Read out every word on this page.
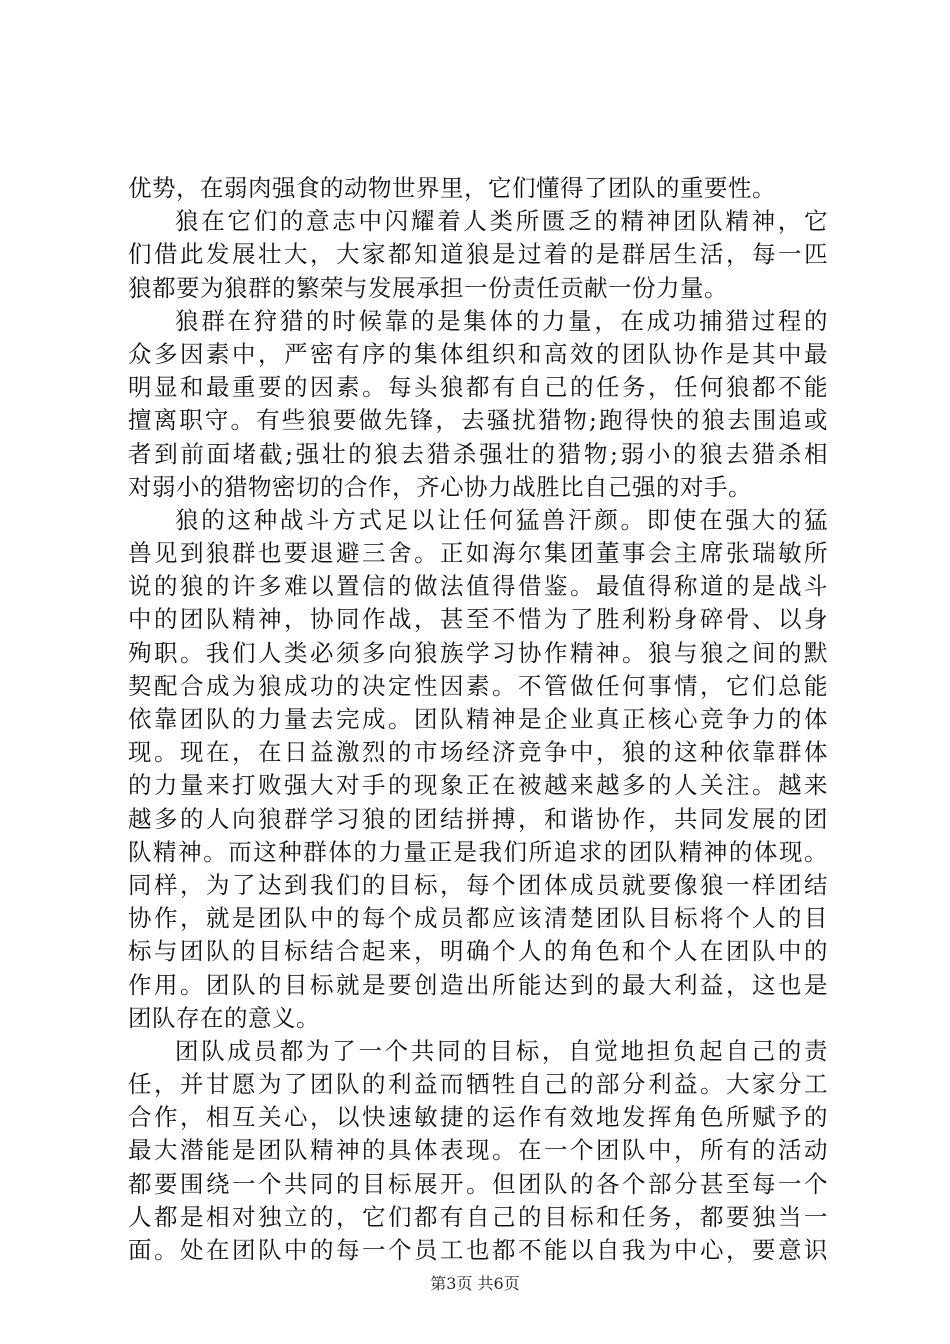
优势，在弱肉强食的动物世界里，它们懂得了团队的重要性。
狼在它们的意志中闪耀着人类所匮乏的精神团队精神，它
们借此发展壮大，大家都知道狼是过着的是群居生活，每一匹
狼都要为狼群的繁荣与发展承担一份责任贡献一份力量。
狼群在狩猎的时候靠的是集体的力量，在成功捕猎过程的
众多因素中，严密有序的集体组织和高效的团队协作是其中最
明显和最重要的因素。每头狼都有自己的任务，任何狼都不能
擅离职守。有些狼要做先锋，去骚扰猎物;跑得快的狼去围追或
者到前面堵截;强壮的狼去猎杀强壮的猎物;弱小的狼去猎杀相
对弱小的猎物密切的合作，齐心协力战胜比自己强的对手。
狼的这种战斗方式足以让任何猛兽汗颜。即使在强大的猛
兽见到狼群也要退避三舍。正如海尔集团董事会主席张瑞敏所
说的狼的许多难以置信的做法值得借鉴。最值得称道的是战斗
中的团队精神，协同作战，甚至不惜为了胜利粉身碎骨、以身
殉职。我们人类必须多向狼族学习协作精神。狼与狼之间的默
契配合成为狼成功的决定性因素。不管做任何事情，它们总能
依靠团队的力量去完成。团队精神是企业真正核心竞争力的体
现。现在，在日益激烈的市场经济竞争中，狼的这种依靠群体
的力量来打败强大对手的现象正在被越来越多的人关注。越来
越多的人向狼群学习狼的团结拼搏，和谐协作，共同发展的团
队精神。而这种群体的力量正是我们所追求的团队精神的体现。
同样，为了达到我们的目标，每个团体成员就要像狼一样团结
协作，就是团队中的每个成员都应该清楚团队目标将个人的目
标与团队的目标结合起来，明确个人的角色和个人在团队中的
作用。团队的目标就是要创造出所能达到的最大利益，这也是
团队存在的意义。
团队成员都为了一个共同的目标，自觉地担负起自己的责
任，并甘愿为了团队的利益而牺牲自己的部分利益。大家分工
合作，相互关心，以快速敏捷的运作有效地发挥角色所赋予的
最大潜能是团队精神的具体表现。在一个团队中，所有的活动
都要围绕一个共同的目标展开。但团队的各个部分甚至每一个
人都是相对独立的，它们都有自己的目标和任务，都要独当一
面。处在团队中的每一个员工也都不能以自我为中心，要意识
第3页 共6页
